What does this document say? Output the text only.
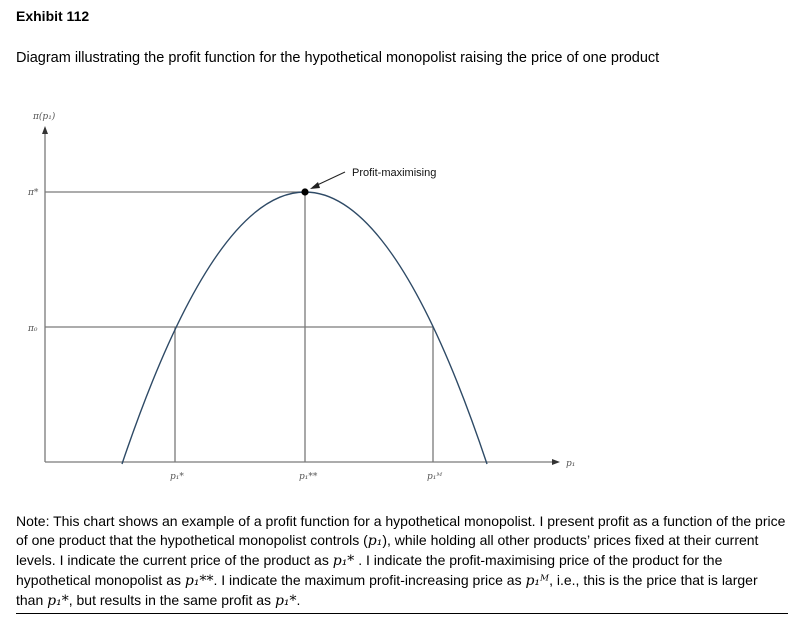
Exhibit 112
Diagram illustrating the profit function for the hypothetical monopolist raising the price of one product
π(p₁)
p₁
π*
π₀
Profit-maximising
p₁*	p₁**	p₁ᴹ
Note: This chart shows an example of a profit function for a hypothetical monopolist. I present profit as a function of the price of one product that the hypothetical monopolist controls (p₁), while holding all other products’ prices fixed at their current levels. I indicate the current price of the product as p₁* . I indicate the profit-maximising price of the product for the hypothetical monopolist as p₁**. I indicate the maximum profit-increasing price as p₁ᴹ, i.e., this is the price that is larger than p₁*, but results in the same profit as p₁*.
